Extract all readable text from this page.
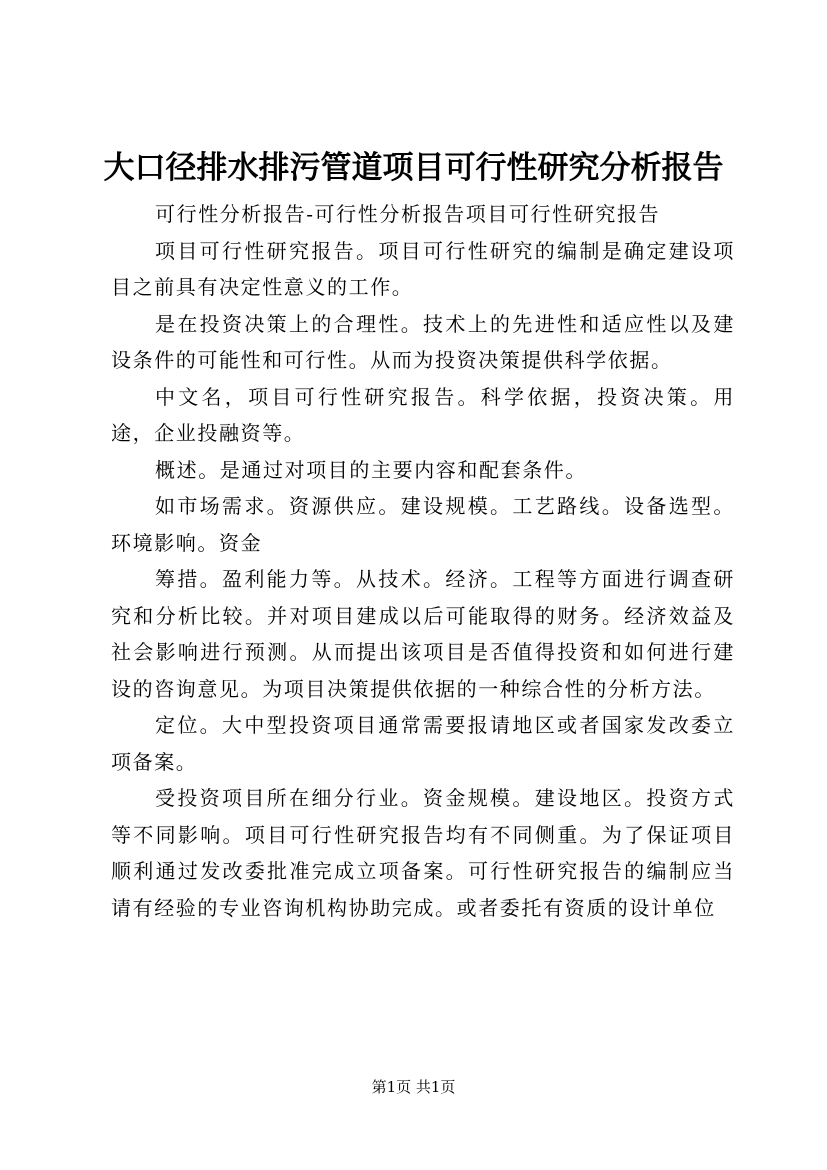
大口径排水排污管道项目可行性研究分析报告

可行性分析报告-可行性分析报告项目可行性研究报告

项目可行性研究报告。项目可行性研究的编制是确定建设项目之前具有决定性意义的工作。

是在投资决策上的合理性。技术上的先进性和适应性以及建设条件的可能性和可行性。从而为投资决策提供科学依据。

中文名，项目可行性研究报告。科学依据，投资决策。用途，企业投融资等。

概述。是通过对项目的主要内容和配套条件。

如市场需求。资源供应。建设规模。工艺路线。设备选型。环境影响。资金

筹措。盈利能力等。从技术。经济。工程等方面进行调查研究和分析比较。并对项目建成以后可能取得的财务。经济效益及社会影响进行预测。从而提出该项目是否值得投资和如何进行建设的咨询意见。为项目决策提供依据的一种综合性的分析方法。

定位。大中型投资项目通常需要报请地区或者国家发改委立项备案。

受投资项目所在细分行业。资金规模。建设地区。投资方式等不同影响。项目可行性研究报告均有不同侧重。为了保证项目顺利通过发改委批准完成立项备案。可行性研究报告的编制应当请有经验的专业咨询机构协助完成。或者委托有资质的设计单位

第1页 共1页
